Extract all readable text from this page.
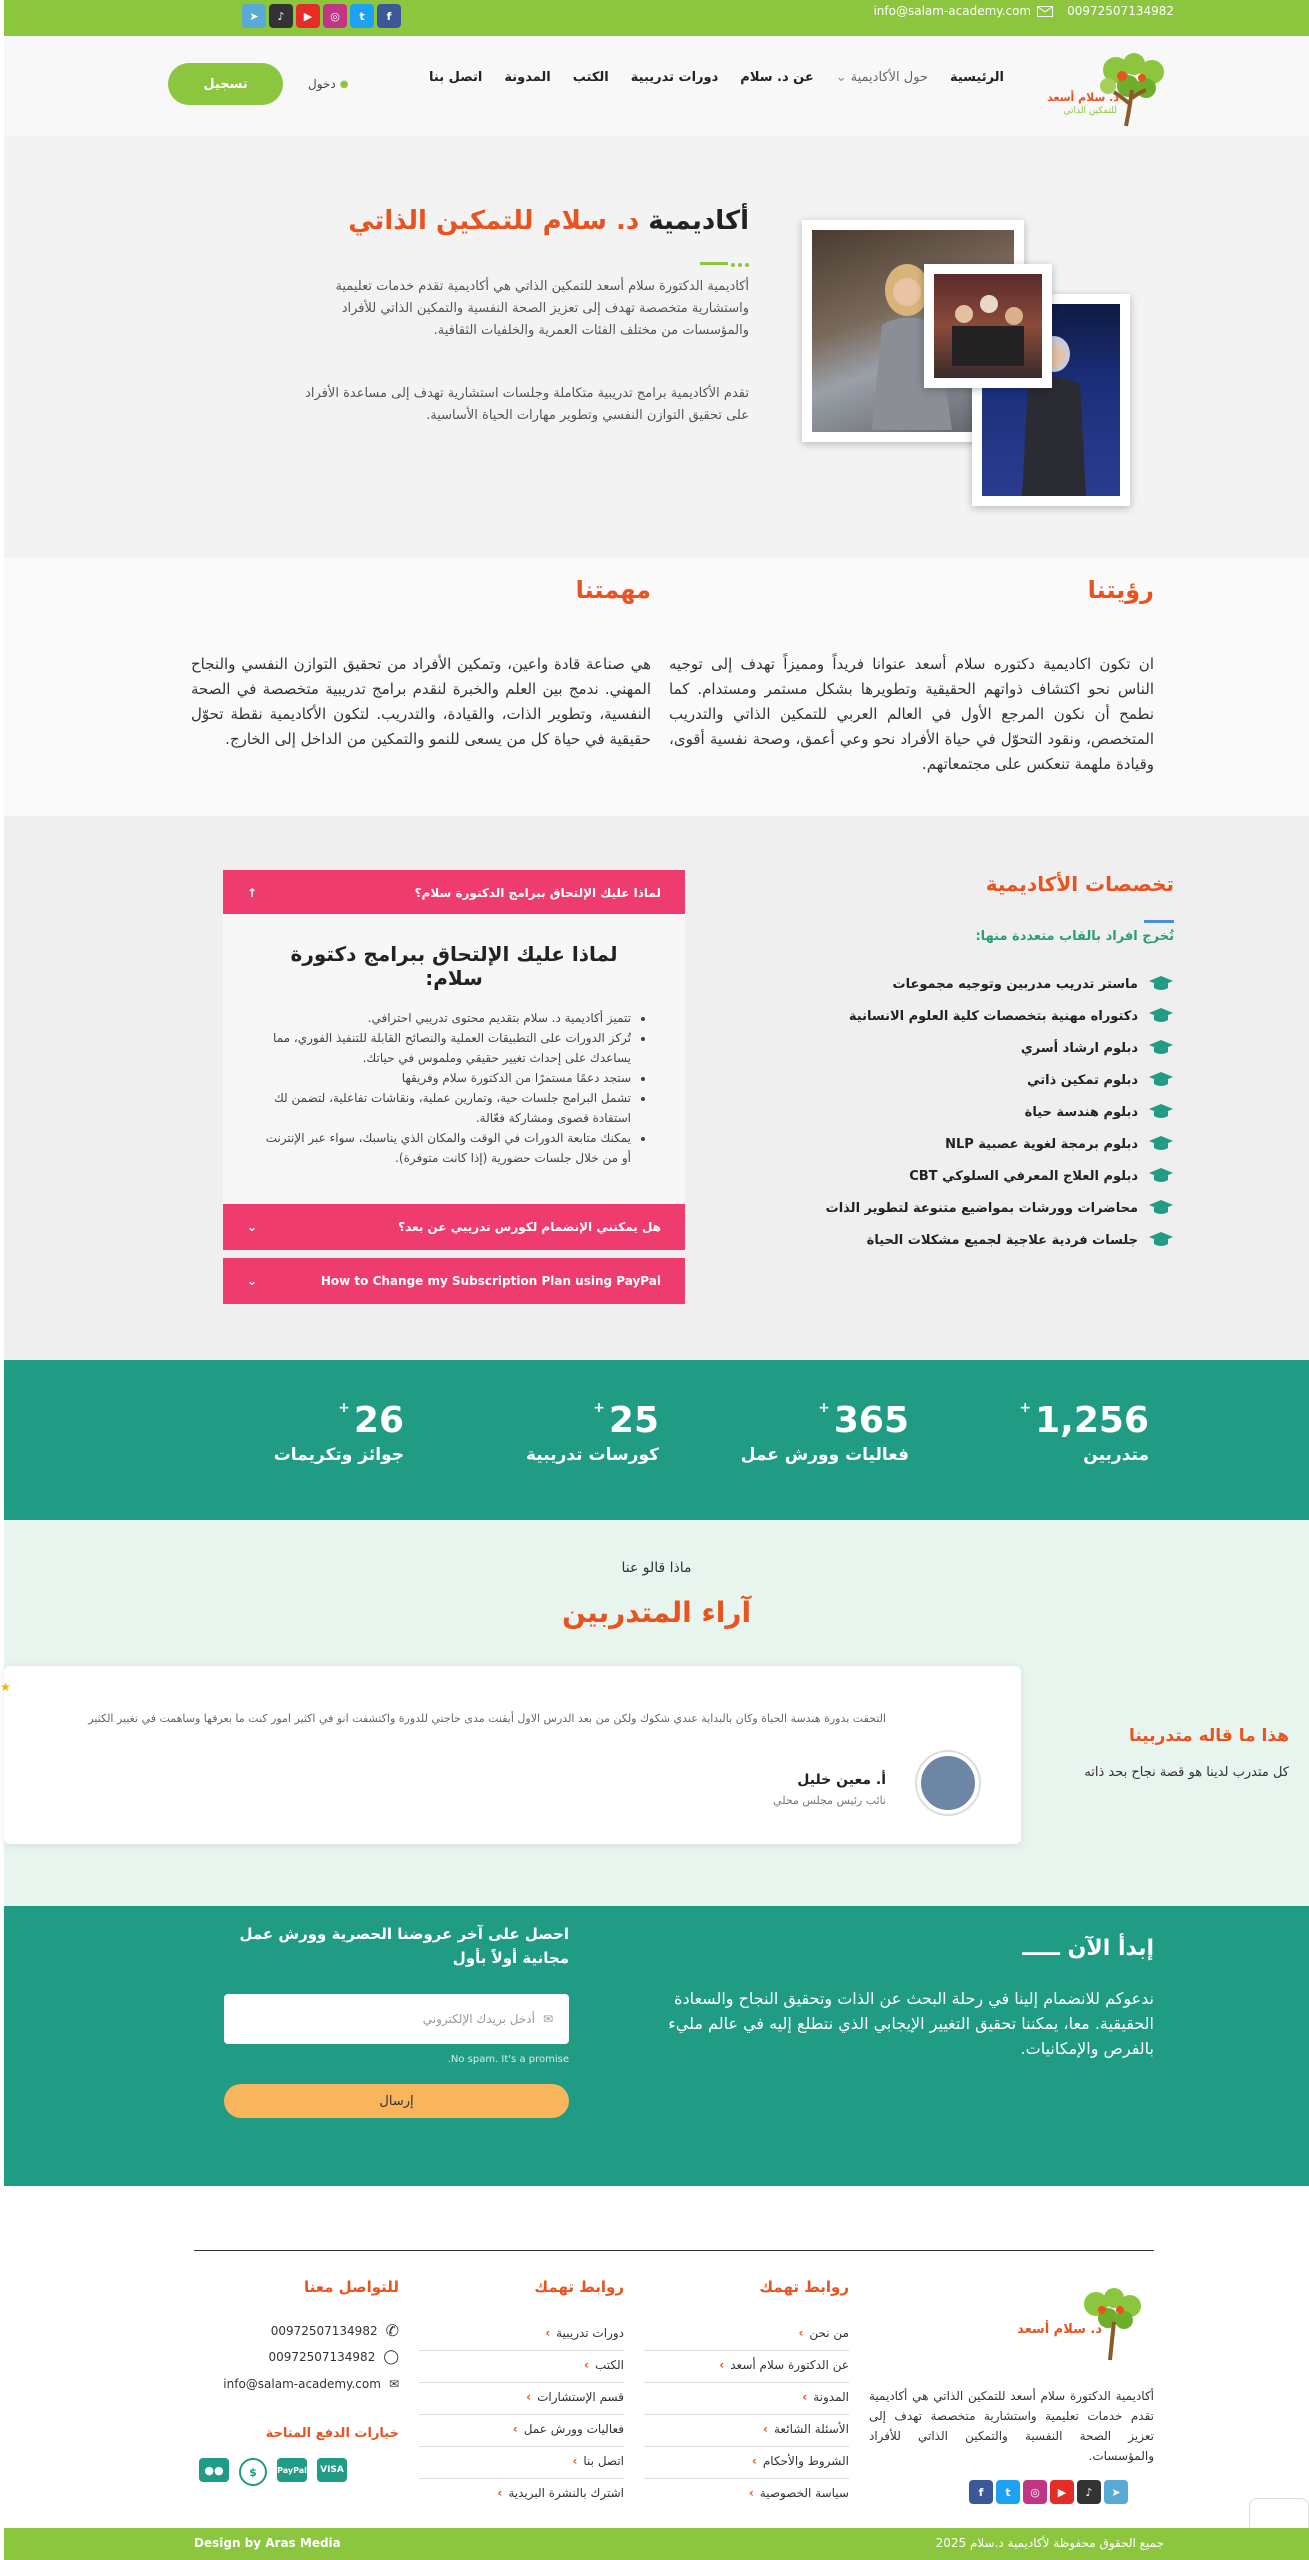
info@salam-academy.com	00972507134982
➤	♪	▶	◎	t	f
د. سلام أسعد
للتمكين الذاتي
الرئيسية
حول الأكاديمية
⌄
عن د. سلام
دورات تدريبية
الكتب
المدونة
اتصل بنا
●
دخول
تسجيل
أكاديمية د. سلام للتمكين الذاتي

أكاديمية الدكتورة سلام أسعد للتمكين الذاتي هي أكاديمية تقدم خدمات تعليمية واستشارية متخصصة تهدف إلى تعزيز الصحة النفسية والتمكين الذاتي للأفراد والمؤسسات من مختلف الفئات العمرية والخلفيات الثقافية.

تقدم الأكاديمية برامج تدريبية متكاملة وجلسات استشارية تهدف إلى مساعدة الأفراد على تحقيق التوازن النفسي وتطوير مهارات الحياة الأساسية.

رؤيتنا

ان تكون اكاديمية دكتوره سلام أسعد عنوانا فريداً ومميزاً تهدف إلى توجيه الناس نحو اكتشاف ذواتهم الحقيقية وتطويرها بشكل مستمر ومستدام. كما نطمح أن نكون المرجع الأول في العالم العربي للتمكين الذاتي والتدريب المتخصص، ونقود التحوّل في حياة الأفراد نحو وعي أعمق، وصحة نفسية أقوى، وقيادة ملهمة تنعكس على مجتمعاتهم.

مهمتنا

هي صناعة قادة واعين، وتمكين الأفراد من تحقيق التوازن النفسي والنجاح المهني. ندمج بين العلم والخبرة لنقدم برامج تدريبية متخصصة في الصحة النفسية، وتطوير الذات، والقيادة، والتدريب. لتكون الأكاديمية نقطة تحوّل حقيقية في حياة كل من يسعى للنمو والتمكين من الداخل إلى الخارج.

تخصصات الأكاديمية
تُخرج افراد بالقاب متعددة منها:
ماستر تدريب مدربين وتوجيه مجموعات
دكتوراه مهنية بتخصصات كلية العلوم الانسانية
دبلوم ارشاد أسري
دبلوم تمكين ذاتي
دبلوم هندسة حياة
دبلوم برمجة لغوية عصبية NLP
دبلوم العلاج المعرفي السلوكي CBT
محاضرات وورشات بمواضيع متنوعة لتطوير الذات
جلسات فردية علاجية لجميع مشكلات الحياة
لماذا عليك الإلتحاق ببرامج الدكتورة سلام؟
↑
لماذا عليك الإلتحاق ببرامج دكتورة سلام:
• تتميز أكاديمية د. سلام بتقديم محتوى تدريبي احترافي.
• تُركز الدورات على التطبيقات العملية والنصائح القابلة للتنفيذ الفوري، مما يساعدك على إحداث تغيير حقيقي وملموس في حياتك.
• ستجد دعمًا مستمرًا من الدكتورة سلام وفريقها
• تشمل البرامج جلسات حية، وتمارين عملية، ونقاشات تفاعلية، لتضمن لك استفادة قصوى ومشاركة فعّالة.
• يمكنك متابعة الدورات في الوقت والمكان الذي يناسبك، سواء عبر الإنترنت أو من خلال جلسات حضورية (إذا كانت متوفرة).
هل يمكنني الإنضمام لكورس تدريبي عن بعد؟
⌄
How to Change my Subscription Plan using PayPal
⌄
1,256+
متدربين
365+
فعاليات وورش عمل
25+
كورسات تدريبية
26+
جوائز وتكريمات
ماذا قالو عنا
آراء المتدربين
التحقت بدورة هندسة الحياة وكان بالبداية عندي شكوك ولكن من بعد الدرس الاول أيقنت مدى حاجتي للدورة واكتشفت انو في اكثير امور كنت ما بعرفها وساهمت في تغيير الكثير
أ. معين خليل
نائب رئيس مجلس محلي
★
هذا ما قاله متدربينا
كل متدرب لدينا هو قصة نجاح بحد ذاته
إبدأ الآن ـــــ
ندعوكم للانضمام إلينا في رحلة البحث عن الذات وتحقيق النجاح والسعادة الحقيقية. معا، يمكننا تحقيق التغيير الإيجابي الذي نتطلع إليه في عالم مليء بالفرص والإمكانيات.
احصل على آخر عروضنا الحصرية وورش عمل مجانية أولاً بأول
✉
أدخل بريدك الإلكتروني
No spam. It's a promise.
إرسال
د. سلام أسعد
أكاديمية الدكتورة سلام أسعد للتمكين الذاتي هي أكاديمية تقدم خدمات تعليمية واستشارية متخصصة تهدف إلى تعزيز الصحة النفسية والتمكين الذاتي للأفراد والمؤسسات.
f	t	◎	▶	♪	➤
روابط تهمك
روابط تهمك
للتواصل معنا
من نحن ›
عن الدكتورة سلام أسعد ›
المدونة ›
الأسئلة الشائعة ›
الشروط والأحكام ›
سياسة الخصوصية ›
دورات تدريبية ›
الكتب ›
قسم الإستشارات ›
فعاليات وورش عمل ›
اتصل بنا ›
اشترك بالنشرة البريدية ›
00972507134982 ✆
00972507134982 ◯
info@salam-academy.com ✉
خيارات الدفع المتاحة
●●	$	PayPal	VISA
جميع الحقوق محفوظة لأكاديمية د.سلام 2025
Design by Aras Media
